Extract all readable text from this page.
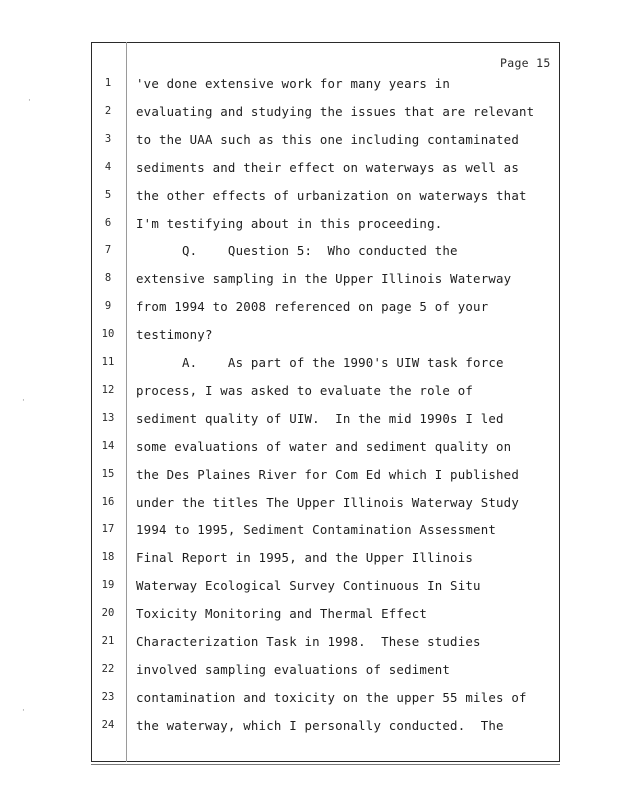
·
·
·
Page 15
1	've done extensive work for many years in
2	evaluating and studying the issues that are relevant
3	to the UAA such as this one including contaminated
4	sediments and their effect on waterways as well as
5	the other effects of urbanization on waterways that
6	I'm testifying about in this proceeding.
7	Q.    Question 5:  Who conducted the
8	extensive sampling in the Upper Illinois Waterway
9	from 1994 to 2008 referenced on page 5 of your
10	testimony?
11	A.    As part of the 1990's UIW task force
12	process, I was asked to evaluate the role of
13	sediment quality of UIW.  In the mid 1990s I led
14	some evaluations of water and sediment quality on
15	the Des Plaines River for Com Ed which I published
16	under the titles The Upper Illinois Waterway Study
17	1994 to 1995, Sediment Contamination Assessment
18	Final Report in 1995, and the Upper Illinois
19	Waterway Ecological Survey Continuous In Situ
20	Toxicity Monitoring and Thermal Effect
21	Characterization Task in 1998.  These studies
22	involved sampling evaluations of sediment
23	contamination and toxicity on the upper 55 miles of
24	the waterway, which I personally conducted.  The
